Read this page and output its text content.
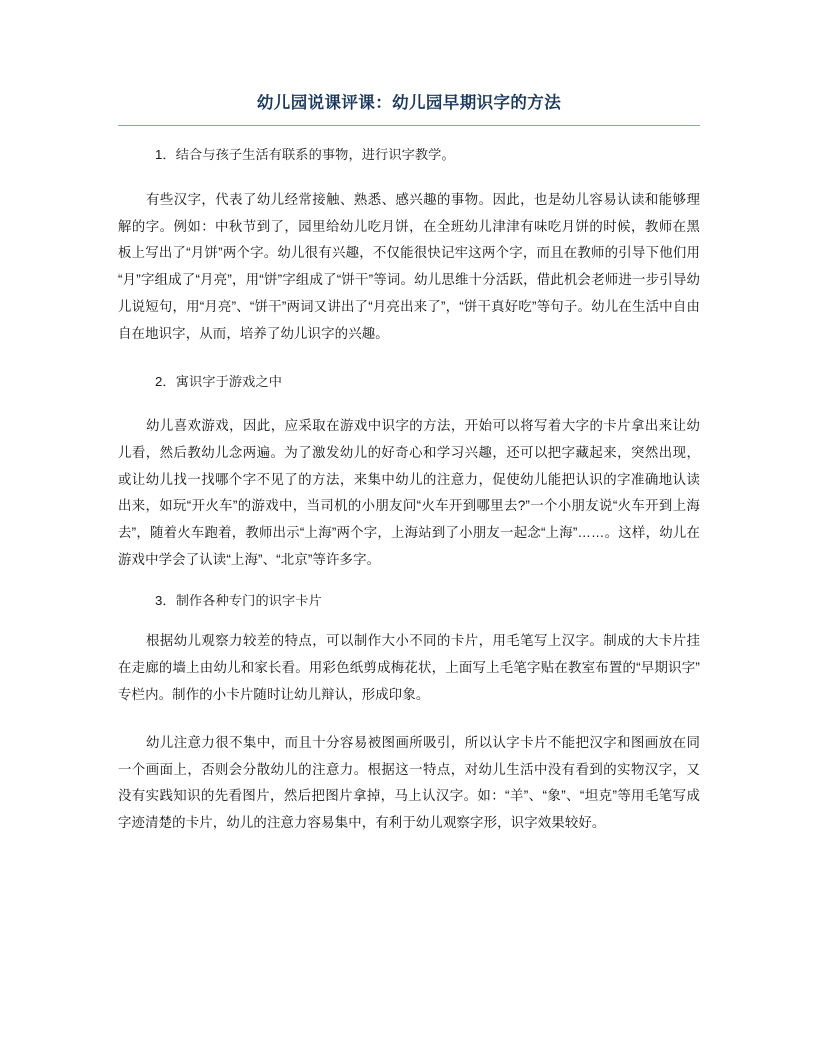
幼儿园说课评课：幼儿园早期识字的方法

1．结合与孩子生活有联系的事物，进行识字教学。

有些汉字，代表了幼儿经常接触、熟悉、感兴趣的事物。因此，也是幼儿容易认读和能够理解的字。例如：中秋节到了，园里给幼儿吃月饼，在全班幼儿津津有味吃月饼的时候，教师在黑板上写出了“月饼”两个字。幼儿很有兴趣，不仅能很快记牢这两个字，而且在教师的引导下他们用“月”字组成了“月亮”，用“饼”字组成了“饼干”等词。幼儿思维十分活跃，借此机会老师进一步引导幼儿说短句，用“月亮”、“饼干”两词又讲出了“月亮出来了”，“饼干真好吃”等句子。幼儿在生活中自由自在地识字，从而，培养了幼儿识字的兴趣。

2．寓识字于游戏之中

幼儿喜欢游戏，因此，应采取在游戏中识字的方法，开始可以将写着大字的卡片拿出来让幼儿看，然后教幼儿念两遍。为了激发幼儿的好奇心和学习兴趣，还可以把字藏起来，突然出现，或让幼儿找一找哪个字不见了的方法，来集中幼儿的注意力，促使幼儿能把认识的字准确地认读出来，如玩“开火车”的游戏中，当司机的小朋友问“火车开到哪里去?”一个小朋友说“火车开到上海去”，随着火车跑着，教师出示“上海”两个字，上海站到了小朋友一起念“上海”……。这样，幼儿在游戏中学会了认读“上海”、“北京”等许多字。

3．制作各种专门的识字卡片

根据幼儿观察力较差的特点，可以制作大小不同的卡片，用毛笔写上汉字。制成的大卡片挂在走廊的墙上由幼儿和家长看。用彩色纸剪成梅花状，上面写上毛笔字贴在教室布置的“早期识字”专栏内。制作的小卡片随时让幼儿辩认，形成印象。

幼儿注意力很不集中，而且十分容易被图画所吸引，所以认字卡片不能把汉字和图画放在同一个画面上，否则会分散幼儿的注意力。根据这一特点，对幼儿生活中没有看到的实物汉字，又没有实践知识的先看图片，然后把图片拿掉，马上认汉字。如：“羊”、“象”、“坦克”等用毛笔写成字迹清楚的卡片，幼儿的注意力容易集中，有利于幼儿观察字形，识字效果较好。
